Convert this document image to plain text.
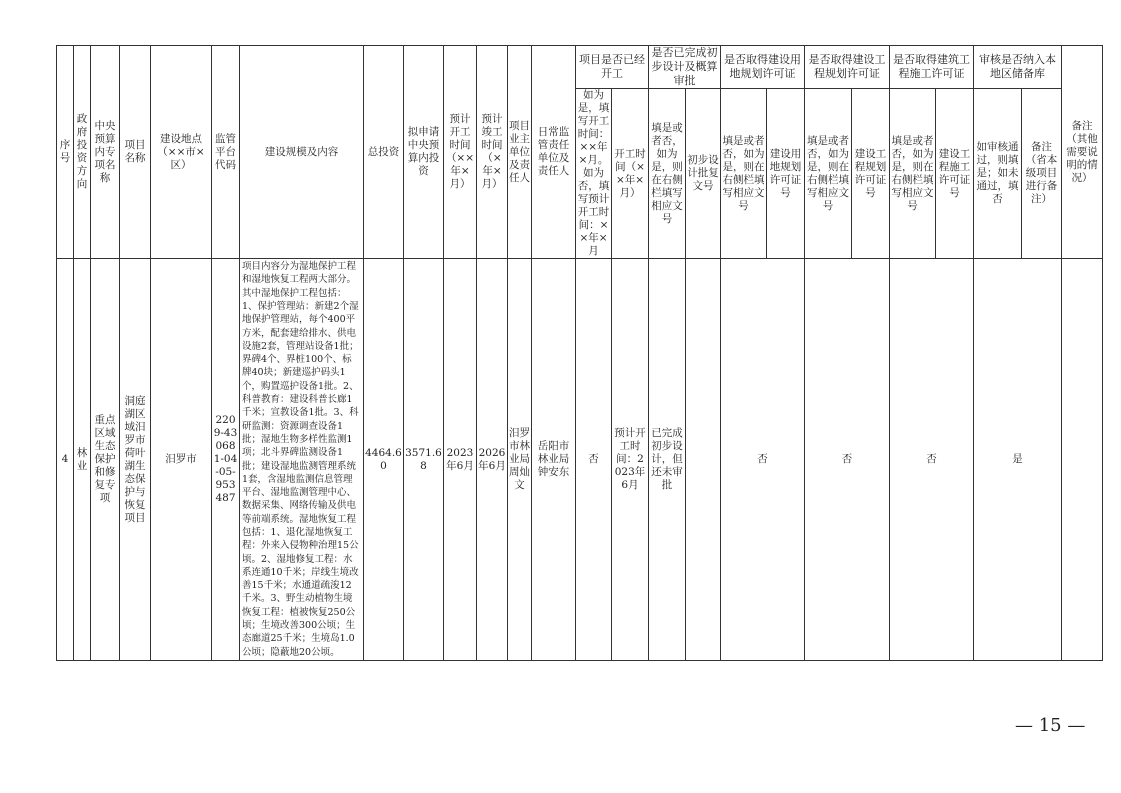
序号	政府投资方向	中央预算内专项名称	项目名称	建设地点（××市×区）	监管平台代码	建设规模及内容	总投资	拟申请中央预算内投资	预计开工时间（××年×月）	预计竣工时间（×年×月）	项目业主单位及责任人	日常监管责任单位及责任人	项目是否已经开工		是否已完成初步设计及概算审批		是否取得建设用地规划许可证		是否取得建设工程规划许可证		是否取得建筑工程施工许可证		审核是否纳入本地区储备库		备注（其他需要说明的情况）
													如为是，填写开工时间：××年×月。如为否，填写预计开工时间：××年×月	开工时间（××年×月）	填是或者否，如为是，则在右侧栏填写相应文号	初步设计批复文号	填是或者否，如为是，则在右侧栏填写相应文号	建设用地规划许可证号	填是或者否，如为是，则在右侧栏填写相应文号	建设工程规划许可证号	填是或者否，如为是，则在右侧栏填写相应文号	建设工程施工许可证号	如审核通过，则填是；如未通过，填否	备注（省本级项目进行备注）	
4	林业	重点区域生态保护和修复专项	洞庭湖区域汨罗市荷叶湖生态保护与恢复项目	汨罗市	2209-430681-04-05-953487	项目内容分为湿地保护工程和湿地恢复工程两大部分。其中湿地保护工程包括：1、保护管理站：新建2个湿地保护管理站，每个400平方米，配套建给排水、供电设施2套，管理站设备1批；界碑4个、界桩100个、标牌40块；新建巡护码头1个，购置巡护设备1批。2、科普教育：建设科普长廊1千米；宣教设备1批。3、科研监测：资源调查设备1批；湿地生物多样性监测1项；北斗界碑监测设备1批；建设湿地监测管理系统1套，含湿地监测信息管理平台、湿地监测管理中心、数据采集、网络传输及供电等前端系统。湿地恢复工程包括：1、退化湿地恢复工程：外来入侵物种治理15公顷。2、湿地修复工程：水系连通10千米；岸线生境改善15千米；水通道疏浚12千米。3、野生动植物生境恢复工程：植被恢复250公顷；生境改善300公顷；生态廊道25千米；生境岛1.0公顷；隐蔽地20公顷。	4464.60	3571.68	2023年6月	2026年6月	汨罗市林业局周灿文	岳阳市林业局钟安东	否	预计开工时间：2023年6月	已完成初步设计，但还未审批		否		否		否		是		
— 15 —
